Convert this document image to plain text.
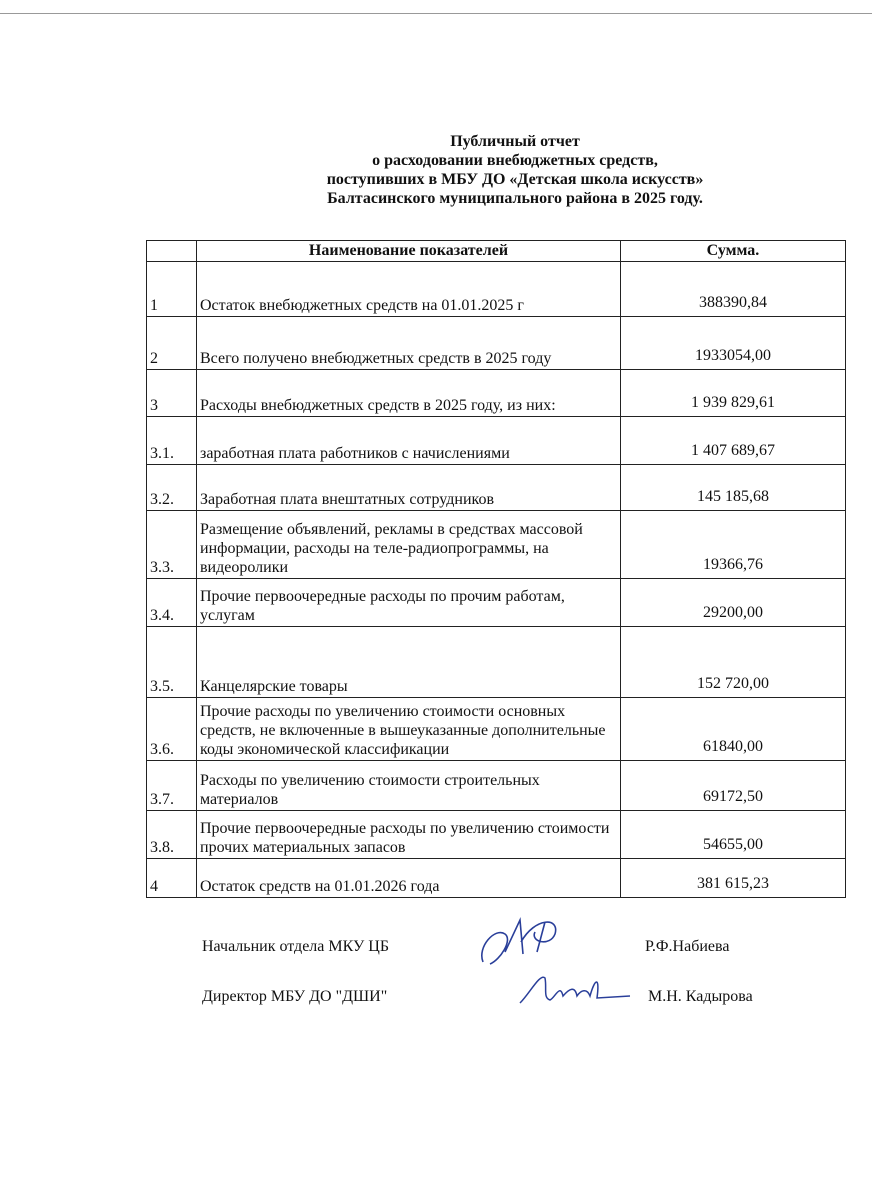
Публичный отчет
о расходовании внебюджетных средств,
поступивших в МБУ ДО «Детская школа искусств»
Балтасинского муниципального района в 2025 году.
	Наименование показателей	Сумма.
1	Остаток внебюджетных средств на 01.01.2025 г	388390,84
2	Всего получено внебюджетных средств в 2025 году	1933054,00
3	Расходы внебюджетных средств в 2025 году, из них:	1 939 829,61
3.1.	заработная плата работников с начислениями	1 407 689,67
3.2.	Заработная плата внештатных сотрудников	145 185,68
3.3.	Размещение объявлений, рекламы в средствах массовой информации, расходы на теле-радиопрограммы, на видеоролики	19366,76
3.4.	Прочие первоочередные расходы по прочим работам, услугам	29200,00
3.5.	Канцелярские товары	152 720,00
3.6.	Прочие расходы по увеличению стоимости основных средств, не включенные в вышеуказанные дополнительные коды экономической классификации	61840,00
3.7.	Расходы по увеличению стоимости строительных материалов	69172,50
3.8.	Прочие первоочередные расходы по увеличению стоимости прочих материальных запасов	54655,00
4	Остаток средств на 01.01.2026 года	381 615,23
Начальник отдела МКУ ЦБ	Р.Ф.Набиева
Директор МБУ ДО "ДШИ"	М.Н. Кадырова
